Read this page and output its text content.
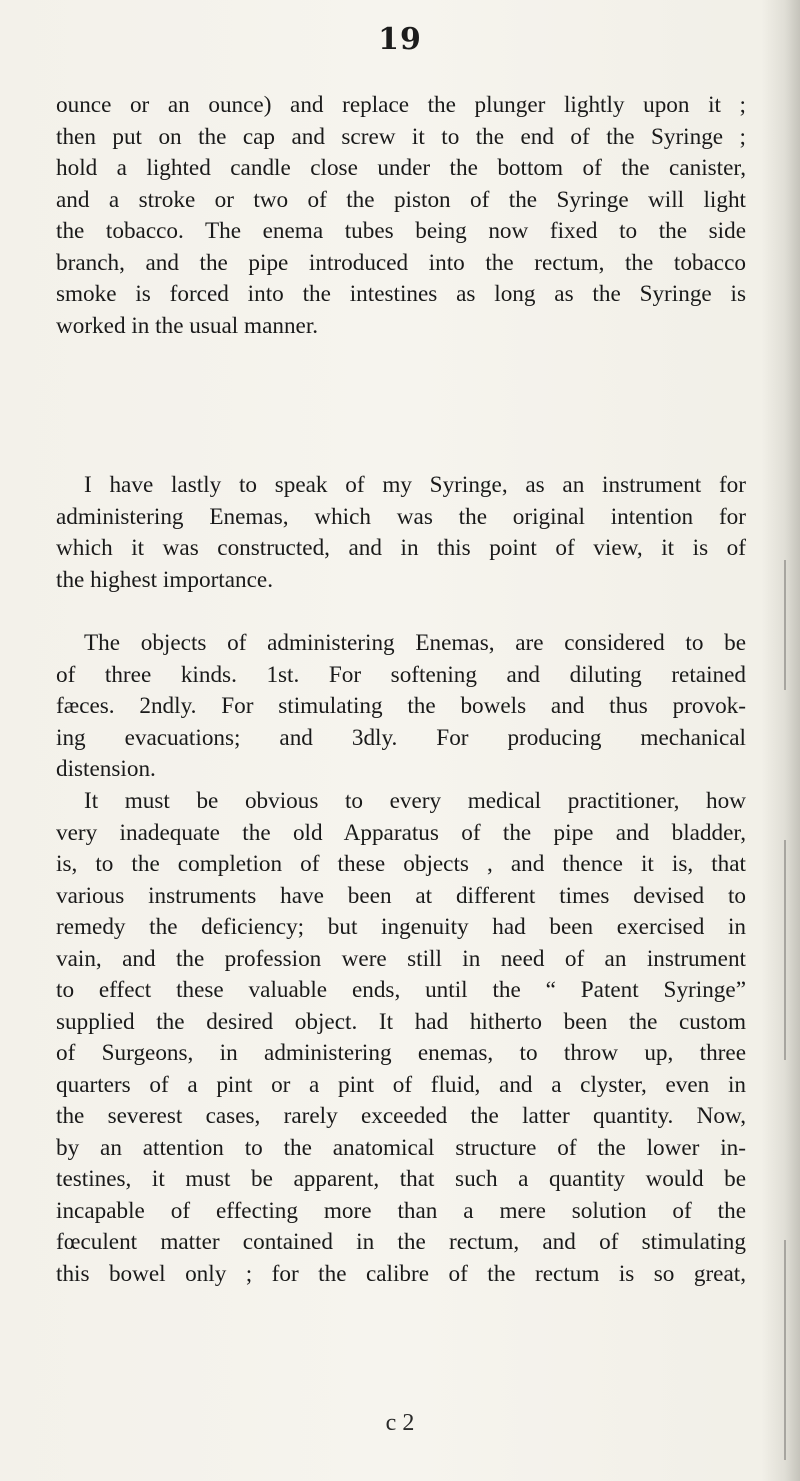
19
ounce or an ounce) and replace the plunger lightly upon it ;
then put on the cap and screw it to the end of the Syringe ;
hold a lighted candle close under the bottom of the canister,
and a stroke or two of the piston of the Syringe will light
the tobacco. The enema tubes being now fixed to the side
branch, and the pipe introduced into the rectum, the tobacco
smoke is forced into the intestines as long as the Syringe is
worked in the usual manner.
I have lastly to speak of my Syringe, as an instrument for
administering Enemas, which was the original intention for
which it was constructed, and in this point of view, it is of
the highest importance.
The objects of administering Enemas, are considered to be
of three kinds. 1st. For softening and diluting retained
fæces. 2ndly. For stimulating the bowels and thus provok-
ing evacuations; and 3dly. For producing mechanical
distension.
It must be obvious to every medical practitioner, how
very inadequate the old Apparatus of the pipe and bladder,
is, to the completion of these objects , and thence it is, that
various instruments have been at different times devised to
remedy the deficiency; but ingenuity had been exercised in
vain, and the profession were still in need of an instrument
to effect these valuable ends, until the “ Patent Syringe”
supplied the desired object. It had hitherto been the custom
of Surgeons, in administering enemas, to throw up, three
quarters of a pint or a pint of fluid, and a clyster, even in
the severest cases, rarely exceeded the latter quantity. Now,
by an attention to the anatomical structure of the lower in-
testines, it must be apparent, that such a quantity would be
incapable of effecting more than a mere solution of the
fœculent matter contained in the rectum, and of stimulating
this bowel only ; for the calibre of the rectum is so great,
c 2
